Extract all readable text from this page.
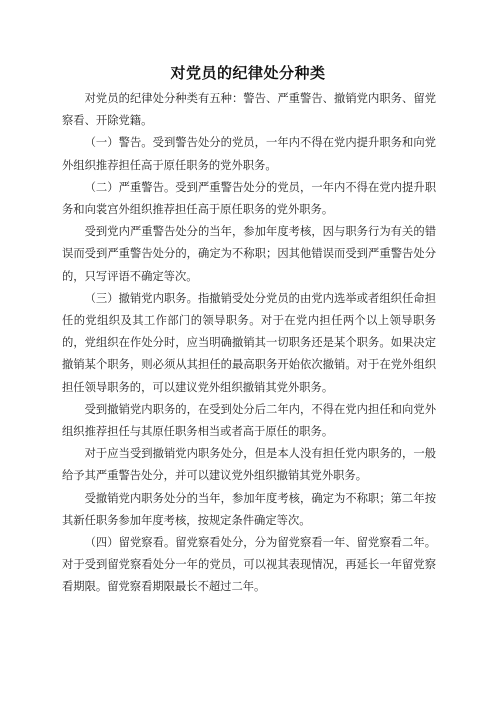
对党员的纪律处分种类

对党员的纪律处分种类有五种：警告、严重警告、撤销党内职务、留党察看、开除党籍。

（一）警告。受到警告处分的党员，一年内不得在党内提升职务和向党外组织推荐担任高于原任职务的党外职务。

（二）严重警告。受到严重警告处分的党员，一年内不得在党内提升职务和向裳宫外组织推荐担任高于原任职务的党外职务。

受到党内严重警告处分的当年，参加年度考核，因与职务行为有关的错误而受到严重警告处分的，确定为不称职；因其他错误而受到严重警告处分的，只写评语不确定等次。

（三）撤销党内职务。指撤销受处分党员的由党内选举或者组织任命担任的党组织及其工作部门的领导职务。对于在党内担任两个以上领导职务的，党组织在作处分时，应当明确撤销其一切职务还是某个职务。如果决定撤销某个职务，则必须从其担任的最高职务开始依次撤销。对于在党外组织担任领导职务的，可以建议党外组织撤销其党外职务。

受到撤销党内职务的，在受到处分后二年内，不得在党内担任和向党外组织推荐担任与其原任职务相当或者高于原任的职务。

对于应当受到撤销党内职务处分，但是本人没有担任党内职务的，一般给予其严重警告处分，并可以建议党外组织撤销其党外职务。

受撤销党内职务处分的当年，参加年度考核，确定为不称职；第二年按其新任职务参加年度考核，按规定条件确定等次。

（四）留党察看。留党察看处分，分为留党察看一年、留党察看二年。对于受到留党察看处分一年的党员，可以视其表现情况，再延长一年留党察看期限。留党察看期限最长不超过二年。
